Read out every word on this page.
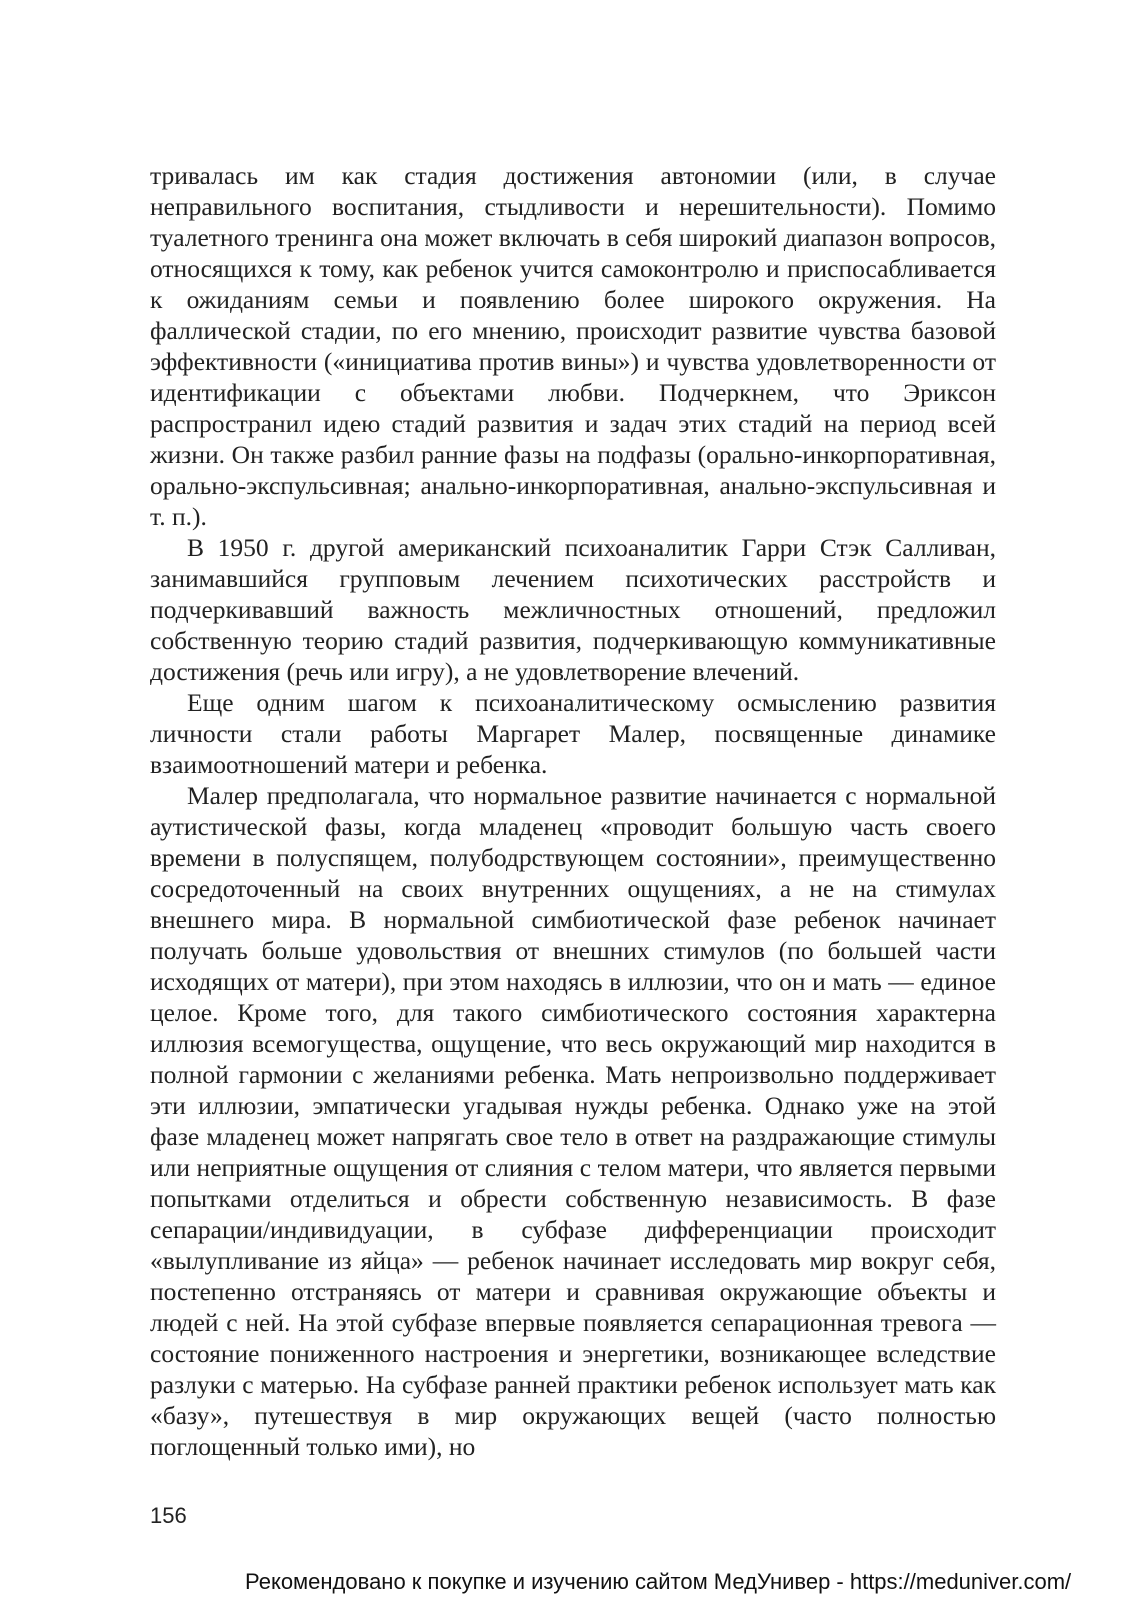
тривалась им как стадия достижения автономии (или, в случае неправильного воспитания, стыдливости и нерешительности). Помимо туалетного тренинга она может включать в себя широкий диапазон вопросов, относящихся к тому, как ребенок учится самоконтролю и приспосабливается к ожиданиям семьи и появлению более широкого окружения. На фаллической стадии, по его мнению, происходит развитие чувства базовой эффективности («инициатива против вины») и чувства удовлетворенности от идентификации с объектами любви. Подчеркнем, что Эриксон распространил идею стадий развития и задач этих стадий на период всей жизни. Он также разбил ранние фазы на подфазы (орально-инкорпоративная, орально-экспульсивная; анально-инкорпоративная, анально-экспульсивная и т. п.).

В 1950 г. другой американский психоаналитик Гарри Стэк Салливан, занимавшийся групповым лечением психотических расстройств и подчеркивавший важность межличностных отношений, предложил собственную теорию стадий развития, подчеркивающую коммуникативные достижения (речь или игру), а не удовлетворение влечений.

Еще одним шагом к психоаналитическому осмыслению развития личности стали работы Маргарет Малер, посвященные динамике взаимоотношений матери и ребенка.

Малер предполагала, что нормальное развитие начинается с нормальной аутистической фазы, когда младенец «проводит большую часть своего времени в полуспящем, полубодрствующем состоянии», преимущественно сосредоточенный на своих внутренних ощущениях, а не на стимулах внешнего мира. В нормальной симбиотической фазе ребенок начинает получать больше удовольствия от внешних стимулов (по большей части исходящих от матери), при этом находясь в иллюзии, что он и мать — единое целое. Кроме того, для такого симбиотического состояния характерна иллюзия всемогущества, ощущение, что весь окружающий мир находится в полной гармонии с желаниями ребенка. Мать непроизвольно поддерживает эти иллюзии, эмпатически угадывая нужды ребенка. Однако уже на этой фазе младенец может напрягать свое тело в ответ на раздражающие стимулы или неприятные ощущения от слияния с телом матери, что является первыми попытками отделиться и обрести собственную независимость. В фазе сепарации/индивидуации, в субфазе дифференциации происходит «вылупливание из яйца» — ребенок начинает исследовать мир вокруг себя, постепенно отстраняясь от матери и сравнивая окружающие объекты и людей с ней. На этой субфазе впервые появляется сепарационная тревога — состояние пониженного настроения и энергетики, возникающее вследствие разлуки с матерью. На субфазе ранней практики ребенок использует мать как «базу», путешествуя в мир окружающих вещей (часто полностью поглощенный только ими), но

156
Рекомендовано к покупке и изучению сайтом МедУнивер - https://meduniver.com/
